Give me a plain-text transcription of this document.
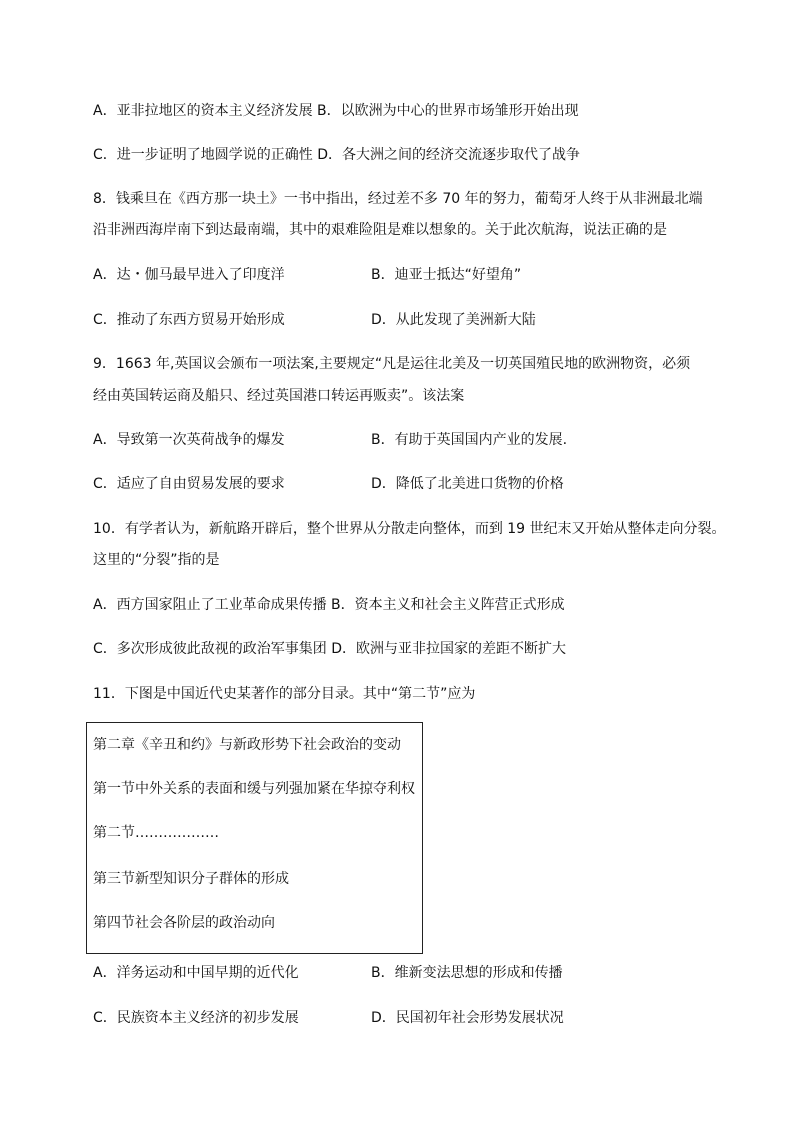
A．亚非拉地区的资本主义经济发展 B．以欧洲为中心的世界市场雏形开始出现
C．进一步证明了地圆学说的正确性 D．各大洲之间的经济交流逐步取代了战争
8．钱乘旦在《西方那一块土》一书中指出，经过差不多 70 年的努力，葡萄牙人终于从非洲最北端
沿非洲西海岸南下到达最南端，其中的艰难险阻是难以想象的。关于此次航海，说法正确的是
A．达・伽马最早进入了印度洋	B．迪亚士抵达“好望角”
C．推动了东西方贸易开始形成	D．从此发现了美洲新大陆
9．1663 年,英国议会颁布一项法案,主要规定“凡是运往北美及一切英国殖民地的欧洲物资，必须
经由英国转运商及船只、经过英国港口转运再贩卖”。该法案
A．导致第一次英荷战争的爆发	B．有助于英国国内产业的发展.
C．适应了自由贸易发展的要求	D．降低了北美进口货物的价格
10．有学者认为，新航路开辟后，整个世界从分散走向整体，而到 19 世纪末又开始从整体走向分裂。
这里的“分裂”指的是
A．西方国家阻止了工业革命成果传播 B．资本主义和社会主义阵营正式形成
C．多次形成彼此敌视的政治军事集团 D．欧洲与亚非拉国家的差距不断扩大
11．下图是中国近代史某著作的部分目录。其中“第二节”应为
第二章《辛丑和约》与新政形势下社会政治的变动
第一节中外关系的表面和缓与列强加紧在华掠夺利权
第二节………………
第三节新型知识分子群体的形成
第四节社会各阶层的政治动向
A．洋务运动和中国早期的近代化	B．维新变法思想的形成和传播
C．民族资本主义经济的初步发展	D．民国初年社会形势发展状况
